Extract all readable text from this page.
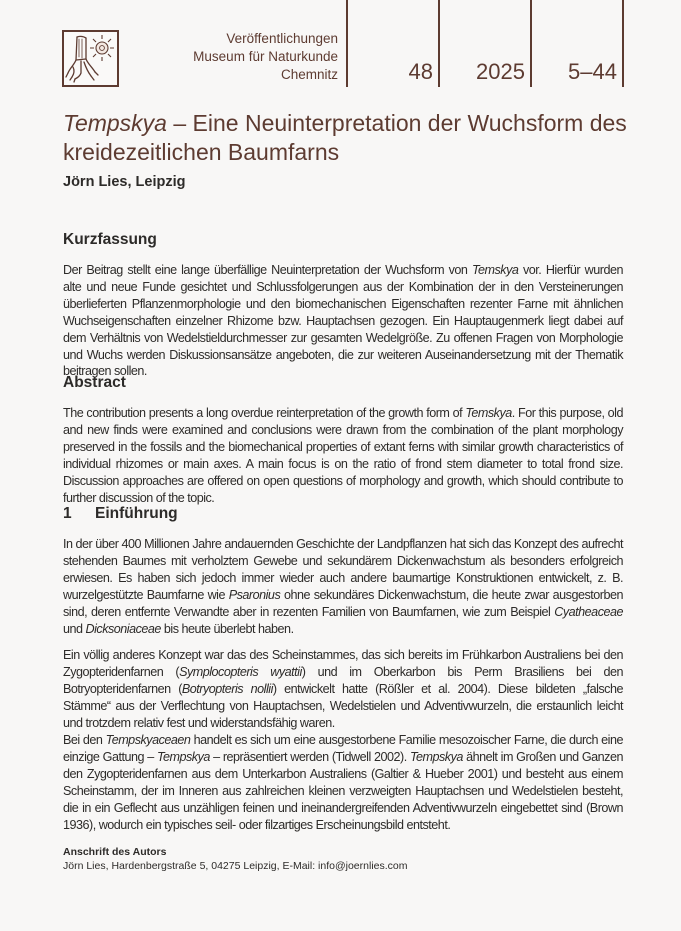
Veröffentlichungen
Museum für Naturkunde
Chemnitz	48	2025	5–44
Tempskya – Eine Neuinterpretation der Wuchsform des kreidezeitlichen Baumfarns
Jörn Lies, Leipzig
Kurzfassung

Der Beitrag stellt eine lange überfällige Neuinterpretation der Wuchsform von Temskya vor. Hierfür wurden alte und neue Funde gesichtet und Schlussfolgerungen aus der Kombination der in den Versteinerungen überlieferten Pflanzenmorphologie und den biomechanischen Eigenschaften rezenter Farne mit ähnlichen Wuchseigenschaften einzelner Rhizome bzw. Hauptachsen gezogen. Ein Hauptaugenmerk liegt dabei auf dem Verhältnis von Wedelstieldurchmesser zur gesamten Wedelgröße. Zu offenen Fragen von Morphologie und Wuchs werden Diskussionsansätze angeboten, die zur weiteren Auseinandersetzung mit der Thematik beitragen sollen.

Abstract

The contribution presents a long overdue reinterpretation of the growth form of Temskya. For this purpose, old and new finds were examined and conclusions were drawn from the combination of the plant morphology preserved in the fossils and the biomechanical properties of extant ferns with similar growth characteristics of individual rhizomes or main axes. A main focus is on the ratio of frond stem diameter to total frond size. Discussion approaches are offered on open questions of morphology and growth, which should contribute to further discussion of the topic.

1 Einführung

In der über 400 Millionen Jahre andauernden Geschichte der Landpflanzen hat sich das Konzept des aufrecht stehenden Baumes mit verholztem Gewebe und sekundärem Dickenwachstum als besonders erfolgreich erwiesen. Es haben sich jedoch immer wieder auch andere baumartige Konstruktionen entwickelt, z. B. wurzelgestützte Baumfarne wie Psaronius ohne sekundäres Dickenwachstum, die heute zwar ausgestorben sind, deren entfernte Verwandte aber in rezenten Familien von Baumfarnen, wie zum Beispiel Cyatheaceae und Dicksoniaceae bis heute überlebt haben.

Ein völlig anderes Konzept war das des Scheinstammes, das sich bereits im Frühkarbon Australiens bei den Zygopteridenfarnen (Symplocopteris wyattii) und im Oberkarbon bis Perm Brasiliens bei den Botryopteridenfarnen (Botryopteris nollii) entwickelt hatte (Rößler et al. 2004). Diese bildeten „falsche Stämme“ aus der Verflechtung von Hauptachsen, Wedelstielen und Adventivwurzeln, die erstaunlich leicht und trotzdem relativ fest und widerstandsfähig waren.

Bei den Tempskyaceaen handelt es sich um eine ausgestorbene Familie mesozoischer Farne, die durch eine einzige Gattung – Tempskya – repräsentiert werden (Tidwell 2002). Tempskya ähnelt im Großen und Ganzen den Zygopteridenfarnen aus dem Unterkarbon Australiens (Galtier & Hueber 2001) und besteht aus einem Scheinstamm, der im Inneren aus zahlreichen kleinen verzweigten Hauptachsen und Wedelstielen besteht, die in ein Geflecht aus unzähligen feinen und ineinandergreifenden Adventivwurzeln eingebettet sind (Brown 1936), wodurch ein typisches seil- oder filzartiges Erscheinungsbild entsteht.

Anschrift des Autors
Jörn Lies, Hardenbergstraße 5, 04275 Leipzig, E-Mail: info@joernlies.com
